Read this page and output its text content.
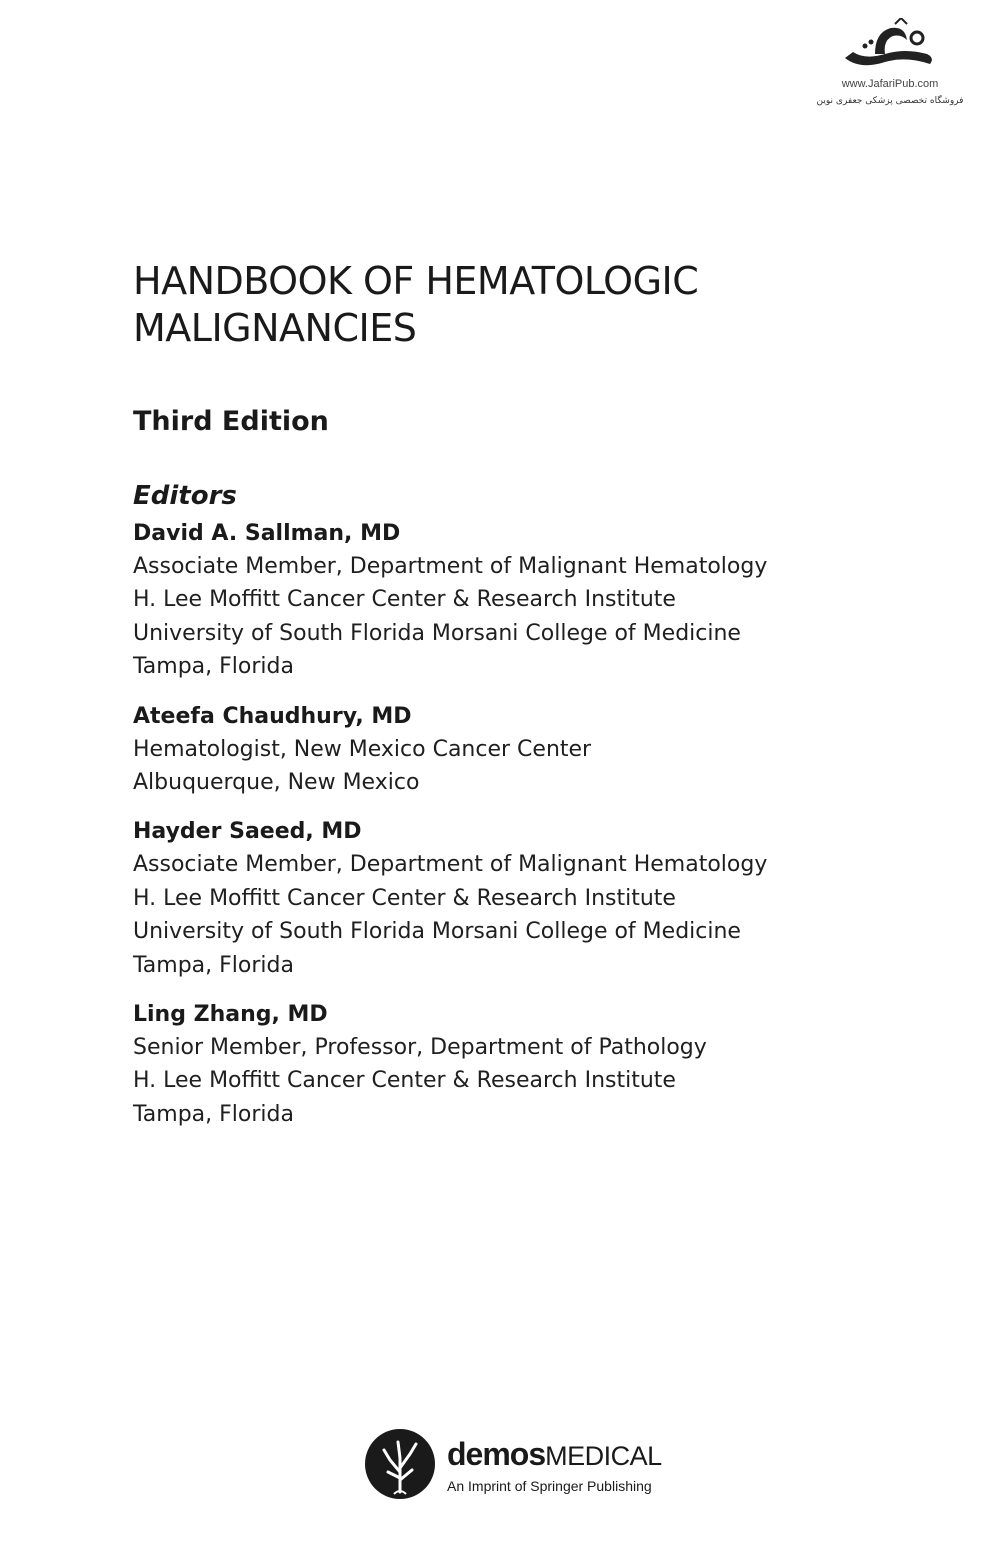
www.JafariPub.com
فروشگاه تخصصی پزشکی جعفری نوین
HANDBOOK OF HEMATOLOGIC
MALIGNANCIES
Third Edition
Editors
David A. Sallman, MD
Associate Member, Department of Malignant Hematology
H. Lee Moffitt Cancer Center & Research Institute
University of South Florida Morsani College of Medicine
Tampa, Florida
Ateefa Chaudhury, MD
Hematologist, New Mexico Cancer Center
Albuquerque, New Mexico
Hayder Saeed, MD
Associate Member, Department of Malignant Hematology
H. Lee Moffitt Cancer Center & Research Institute
University of South Florida Morsani College of Medicine
Tampa, Florida
Ling Zhang, MD
Senior Member, Professor, Department of Pathology
H. Lee Moffitt Cancer Center & Research Institute
Tampa, Florida
demosMEDICAL
An Imprint of Springer Publishing
